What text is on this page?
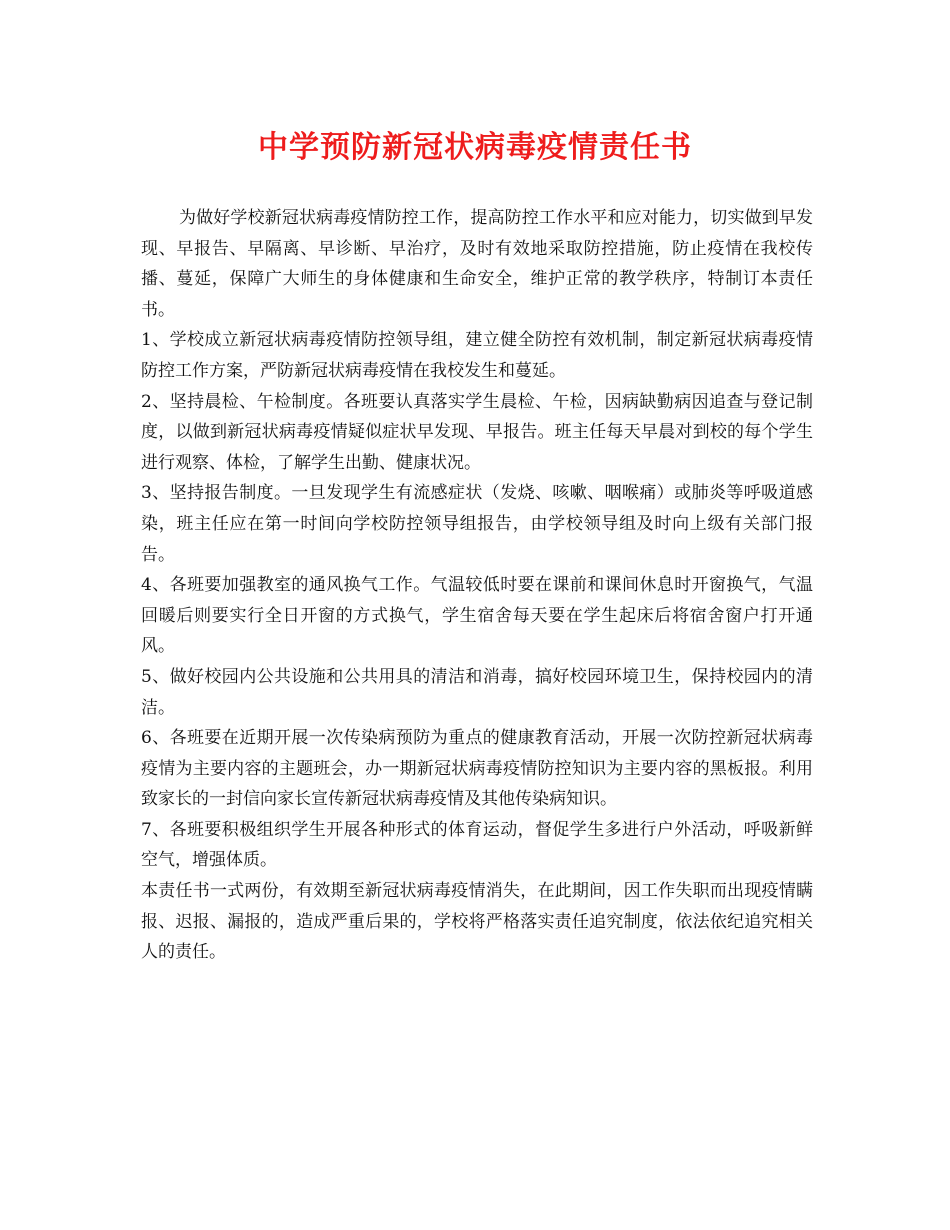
中学预防新冠状病毒疫情责任书

为做好学校新冠状病毒疫情防控工作，提高防控工作水平和应对能力，切实做到早发现、早报告、早隔离、早诊断、早治疗，及时有效地采取防控措施，防止疫情在我校传播、蔓延，保障广大师生的身体健康和生命安全，维护正常的教学秩序，特制订本责任书。

1、学校成立新冠状病毒疫情防控领导组，建立健全防控有效机制，制定新冠状病毒疫情防控工作方案，严防新冠状病毒疫情在我校发生和蔓延。

2、坚持晨检、午检制度。各班要认真落实学生晨检、午检，因病缺勤病因追查与登记制度，以做到新冠状病毒疫情疑似症状早发现、早报告。班主任每天早晨对到校的每个学生进行观察、体检，了解学生出勤、健康状况。

3、坚持报告制度。一旦发现学生有流感症状（发烧、咳嗽、咽喉痛）或肺炎等呼吸道感染，班主任应在第一时间向学校防控领导组报告，由学校领导组及时向上级有关部门报告。

4、各班要加强教室的通风换气工作。气温较低时要在课前和课间休息时开窗换气，气温回暖后则要实行全日开窗的方式换气，学生宿舍每天要在学生起床后将宿舍窗户打开通风。

5、做好校园内公共设施和公共用具的清洁和消毒，搞好校园环境卫生，保持校园内的清洁。

6、各班要在近期开展一次传染病预防为重点的健康教育活动，开展一次防控新冠状病毒疫情为主要内容的主题班会，办一期新冠状病毒疫情防控知识为主要内容的黑板报。利用致家长的一封信向家长宣传新冠状病毒疫情及其他传染病知识。

7、各班要积极组织学生开展各种形式的体育运动，督促学生多进行户外活动，呼吸新鲜空气，增强体质。

本责任书一式两份，有效期至新冠状病毒疫情消失，在此期间，因工作失职而出现疫情瞒报、迟报、漏报的，造成严重后果的，学校将严格落实责任追究制度，依法依纪追究相关人的责任。
